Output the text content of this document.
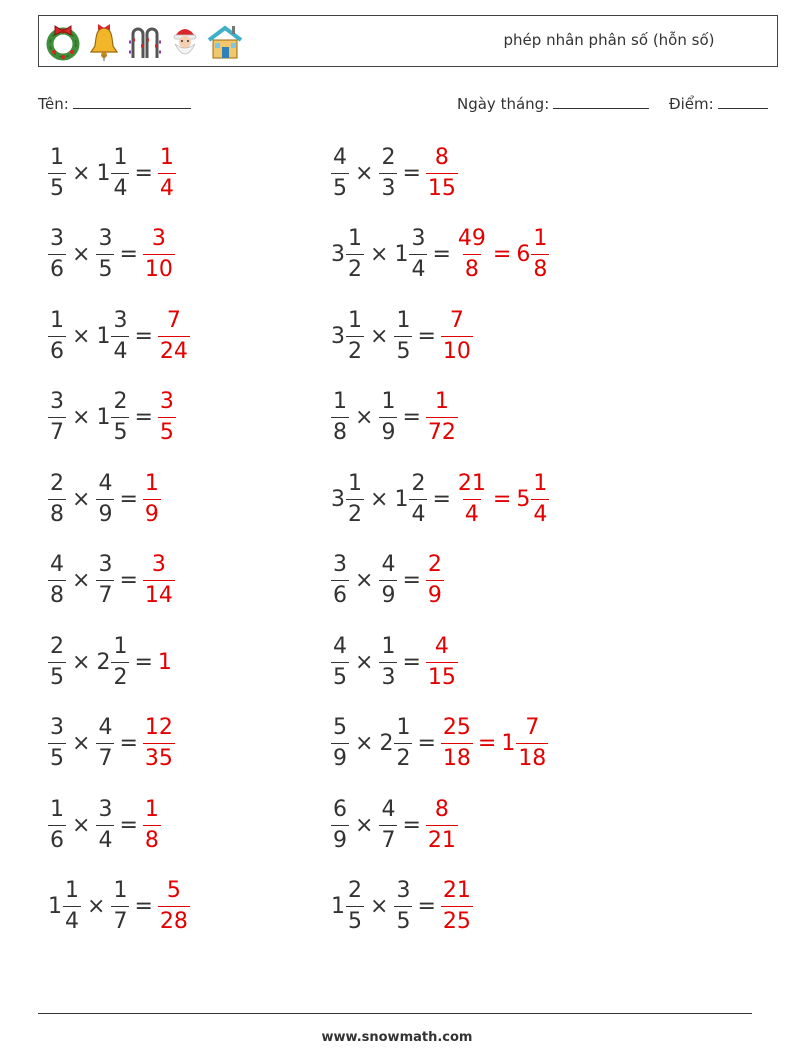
phép nhân phân số (hỗn số)
Tên:	Ngày tháng:	Điểm:
$\frac{1}{5} \times 1 \frac{1}{4} = \frac{1}{4}$	$\frac{4}{5} \times \frac{2}{3} = \frac{8}{15}$
$\frac{3}{6} \times \frac{3}{5} = \frac{3}{10}$	$3 \frac{1}{2} \times 1 \frac{3}{4} = \frac{49}{8} = 6 \frac{1}{8}$
$\frac{1}{6} \times 1 \frac{3}{4} = \frac{7}{24}$	$3 \frac{1}{2} \times \frac{1}{5} = \frac{7}{10}$
$\frac{3}{7} \times 1 \frac{2}{5} = \frac{3}{5}$	$\frac{1}{8} \times \frac{1}{9} = \frac{1}{72}$
$\frac{2}{8} \times \frac{4}{9} = \frac{1}{9}$	$3 \frac{1}{2} \times 1 \frac{2}{4} = \frac{21}{4} = 5 \frac{1}{4}$
$\frac{4}{8} \times \frac{3}{7} = \frac{3}{14}$	$\frac{3}{6} \times \frac{4}{9} = \frac{2}{9}$
$\frac{2}{5} \times 2 \frac{1}{2} = 1$	$\frac{4}{5} \times \frac{1}{3} = \frac{4}{15}$
$\frac{3}{5} \times \frac{4}{7} = \frac{12}{35}$	$\frac{5}{9} \times 2 \frac{1}{2} = \frac{25}{18} = 1 \frac{7}{18}$
$\frac{1}{6} \times \frac{3}{4} = \frac{1}{8}$	$\frac{6}{9} \times \frac{4}{7} = \frac{8}{21}$
$1 \frac{1}{4} \times \frac{1}{7} = \frac{5}{28}$	$1 \frac{2}{5} \times \frac{3}{5} = \frac{21}{25}$
www.snowmath.com
